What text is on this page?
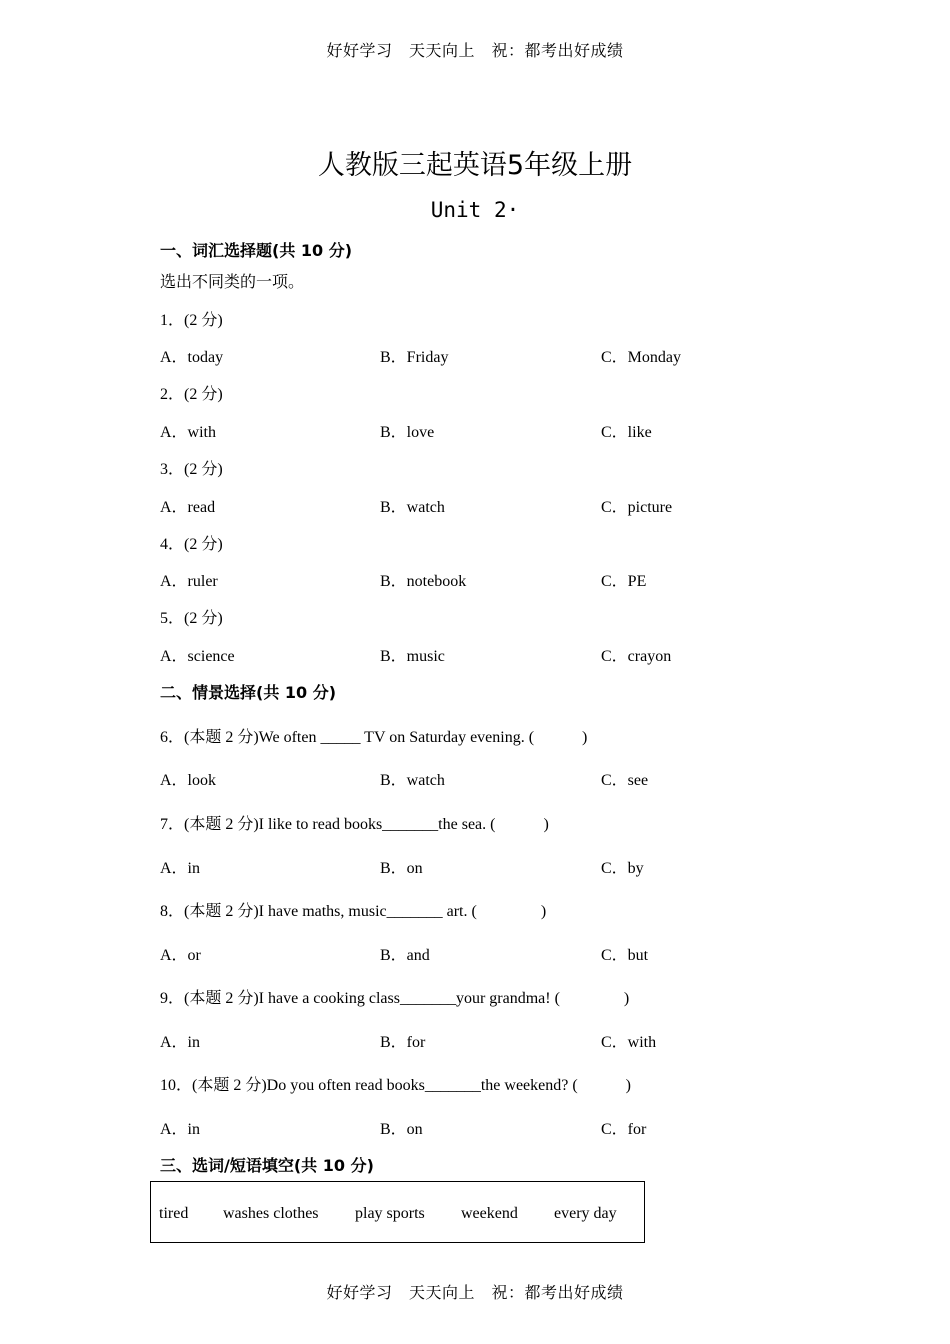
好好学习　天天向上　祝：都考出好成绩
人教版三起英语5年级上册
Unit 2·
一、词汇选择题(共 10 分)
选出不同类的一项。
1．(2 分)
A．today	B．Friday	C．Monday
2．(2 分)
A．with	B．love	C．like
3．(2 分)
A．read	B．watch	C．picture
4．(2 分)
A．ruler	B．notebook	C．PE
5．(2 分)
A．science	B．music	C．crayon
二、情景选择(共 10 分)
6．(本题 2 分)We often _____ TV on Saturday evening. (　　　)
A．look	B．watch	C．see
7．(本题 2 分)I like to read books_______the sea. (　　　)
A．in	B．on	C．by
8．(本题 2 分)I have maths, music_______ art. (　　　　)
A．or	B．and	C．but
9．(本题 2 分)I have a cooking class_______your grandma! (　　　　)
A．in	B．for	C．with
10．(本题 2 分)Do you often read books_______the weekend? (　　　)
A．in	B．on	C．for
三、选词/短语填空(共 10 分)
tired washes clothes play sports weekend every day
好好学习　天天向上　祝：都考出好成绩
